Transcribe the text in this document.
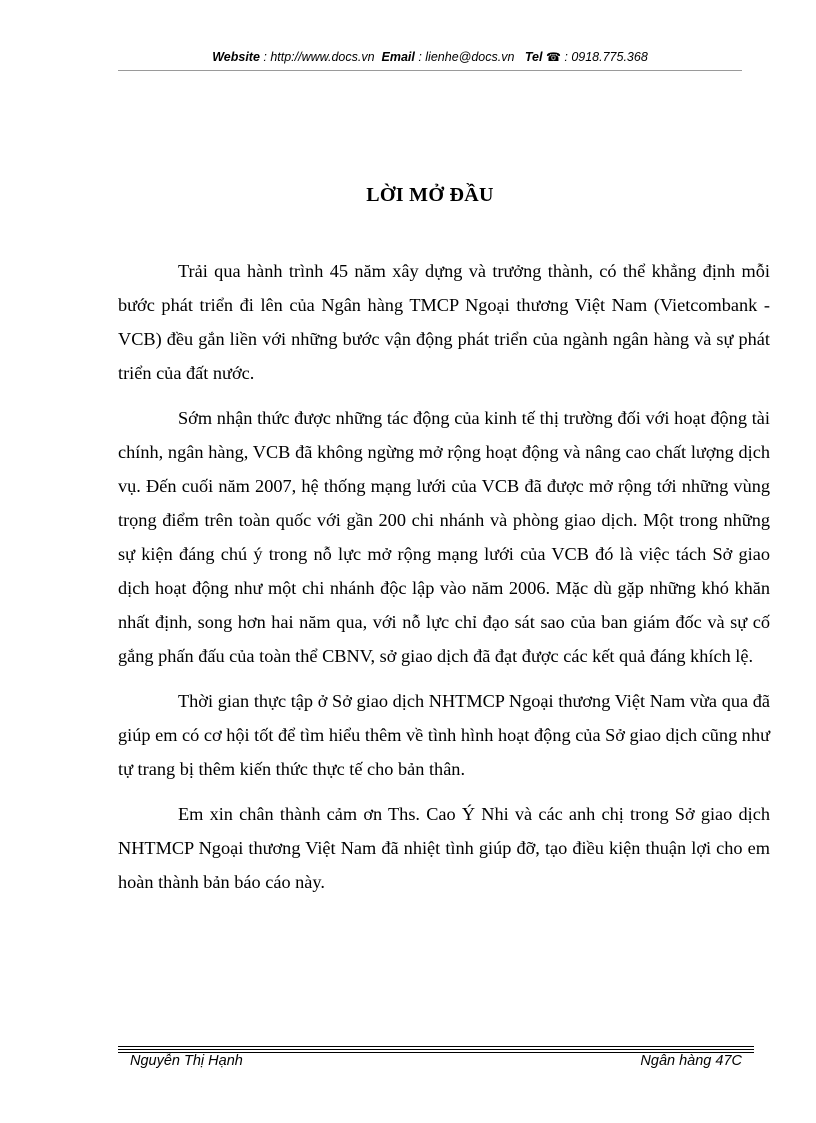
Website : http://www.docs.vn Email : lienhe@docs.vn Tel ☎ : 0918.775.368
LỜI MỞ ĐẦU

Trải qua hành trình 45 năm xây dựng và trưởng thành, có thể khẳng định mỗi bước phát triển đi lên của Ngân hàng TMCP Ngoại thương Việt Nam (Vietcombank - VCB) đều gắn liền với những bước vận động phát triển của ngành ngân hàng và sự phát triển của đất nước.

Sớm nhận thức được những tác động của kinh tế thị trường đối với hoạt động tài chính, ngân hàng, VCB đã không ngừng mở rộng hoạt động và nâng cao chất lượng dịch vụ. Đến cuối năm 2007, hệ thống mạng lưới của VCB đã được mở rộng tới những vùng trọng điểm trên toàn quốc với gần 200 chi nhánh và phòng giao dịch. Một trong những sự kiện đáng chú ý trong nỗ lực mở rộng mạng lưới của VCB đó là việc tách Sở giao dịch hoạt động như một chi nhánh độc lập vào năm 2006. Mặc dù gặp những khó khăn nhất định, song hơn hai năm qua, với nỗ lực chỉ đạo sát sao của ban giám đốc và sự cố gắng phấn đấu của toàn thể CBNV, sở giao dịch đã đạt được các kết quả đáng khích lệ.

Thời gian thực tập ở Sở giao dịch NHTMCP Ngoại thương Việt Nam vừa qua đã giúp em có cơ hội tốt để tìm hiểu thêm về tình hình hoạt động của Sở giao dịch cũng như tự trang bị thêm kiến thức thực tế cho bản thân.

Em xin chân thành cảm ơn Ths. Cao Ý Nhi và các anh chị trong Sở giao dịch NHTMCP Ngoại thương Việt Nam đã nhiệt tình giúp đỡ, tạo điều kiện thuận lợi cho em hoàn thành bản báo cáo này.

Nguyễn Thị Hạnh	Ngân hàng 47C
